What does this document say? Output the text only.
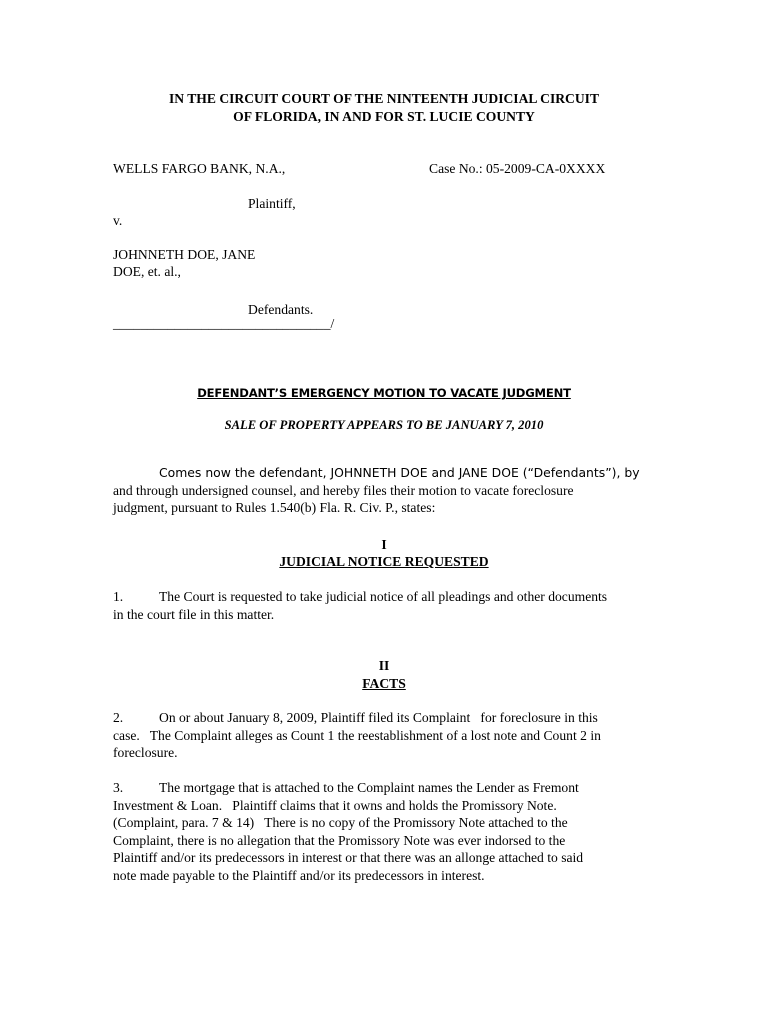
IN THE CIRCUIT COURT OF THE NINTEENTH JUDICIAL CIRCUIT
OF FLORIDA, IN AND FOR ST. LUCIE COUNTY
WELLS FARGO BANK, N.A.,	Case No.: 05-2009-CA-0XXXX
Plaintiff,
v.
JOHNNETH DOE, JANE
DOE, et. al.,
Defendants.
________________________________/
DEFENDANT’S EMERGENCY MOTION TO VACATE JUDGMENT
SALE OF PROPERTY APPEARS TO BE JANUARY 7, 2010
Comes now the defendant, JOHNNETH DOE and JANE DOE (“Defendants”), by
and through undersigned counsel, and hereby files their motion to vacate foreclosure
judgment, pursuant to Rules 1.540(b) Fla. R. Civ. P., states:
I
JUDICIAL NOTICE REQUESTED
1.	The Court is requested to take judicial notice of all pleadings and other documents
in the court file in this matter.
II
FACTS
2.	On or about January 8, 2009, Plaintiff filed its Complaint   for foreclosure in this
case.   The Complaint alleges as Count 1 the reestablishment of a lost note and Count 2 in
foreclosure.
3.	The mortgage that is attached to the Complaint names the Lender as Fremont
Investment & Loan.   Plaintiff claims that it owns and holds the Promissory Note.
(Complaint, para. 7 & 14)   There is no copy of the Promissory Note attached to the
Complaint, there is no allegation that the Promissory Note was ever indorsed to the
Plaintiff and/or its predecessors in interest or that there was an allonge attached to said
note made payable to the Plaintiff and/or its predecessors in interest.
